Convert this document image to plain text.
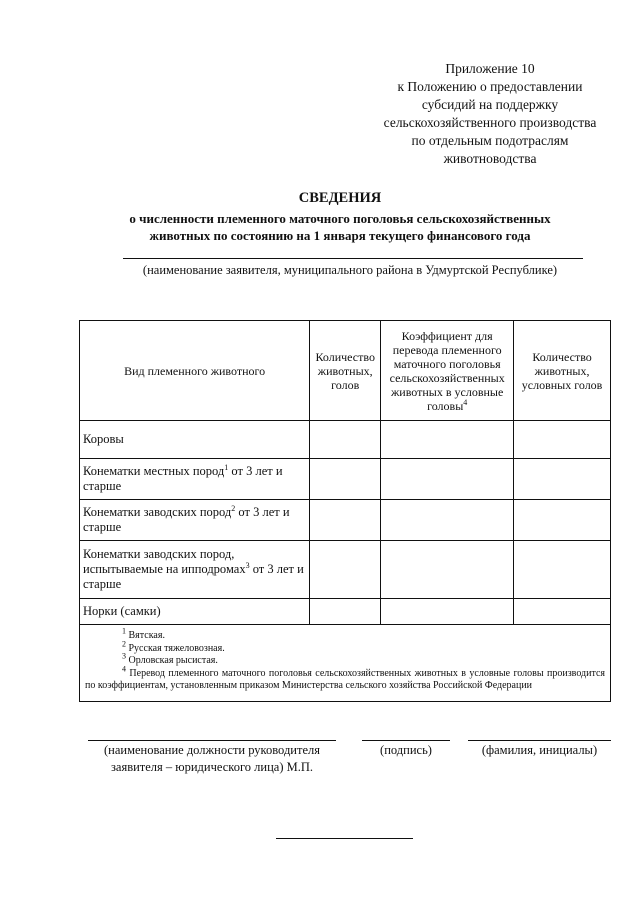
Приложение 10
к Положению о предоставлении
субсидий на поддержку
сельскохозяйственного производства
по отдельным подотраслям
животноводства
СВЕДЕНИЯ
о численности племенного маточного поголовья сельскохозяйственных
животных по состоянию на 1 января текущего финансового года
(наименование заявителя, муниципального района в Удмуртской Республике)
Вид племенного животного	Количество животных, голов	Коэффициент для перевода племенного маточного поголовья сельскохозяйственных животных в условные головы$^4$	Количество животных, условных голов
Коровы			
Конематки местных пород$^1$ от 3 лет и старше			
Конематки заводских пород$^2$ от 3 лет и старше			
Конематки заводских пород, испытываемые на ипподромах$^3$ от 3 лет и старше			
Норки (самки)			

$^1$ Вятская.
$^2$ Русская тяжеловозная.
$^3$ Орловская рысистая.
$^4$ Перевод племенного маточного поголовья сельскохозяйственных животных в условные головы производится по коэффициентам, установленным приказом Министерства сельского хозяйства Российской Федерации			
(наименование должности руководителя
заявителя – юридического лица) М.П.
(подпись)	(фамилия, инициалы)
